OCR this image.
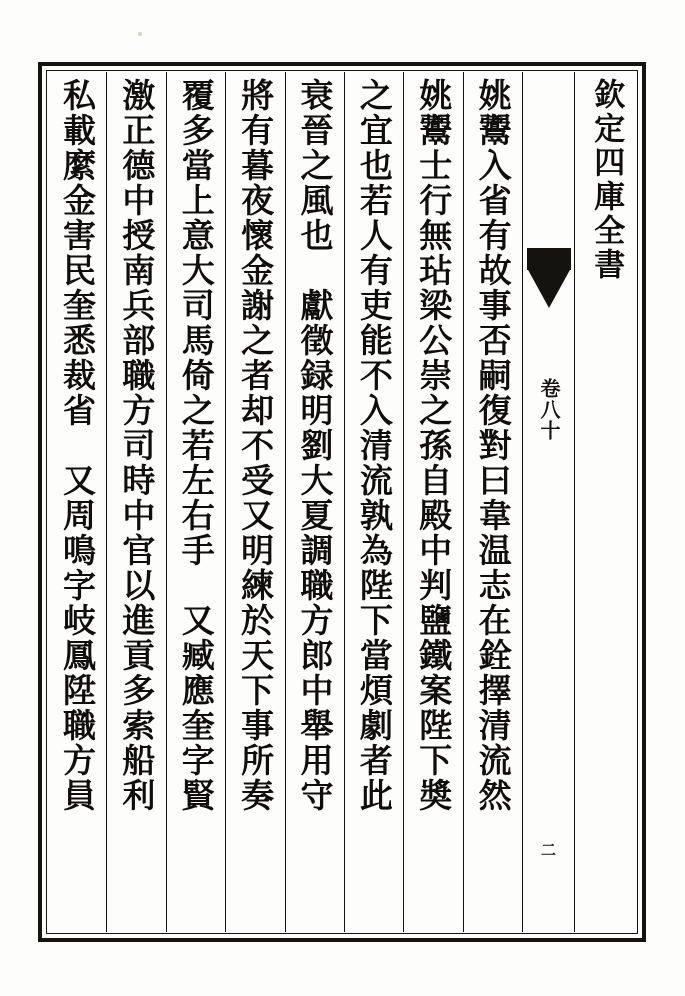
欽定四庫全書
卷八十
二
姚䰞入省有故事否嗣復對曰韋温志在銓擇清流然
姚䰞士行無玷梁公崇之孫自殿中判鹽鐵案陛下奬
之宜也若人有吏能不入清流孰為陛下當煩劇者此
衰晉之風也　獻徵録明劉大夏調職方郎中舉用守
將有暮夜懷金謝之者却不受又明練於天下事所奏
覆多當上意大司馬倚之若左右手　又臧應奎字賢
激正德中授南兵部職方司時中官以進貢多索船利
私載縻金害民奎悉裁省　又周鳴字岐鳳陞職方員
